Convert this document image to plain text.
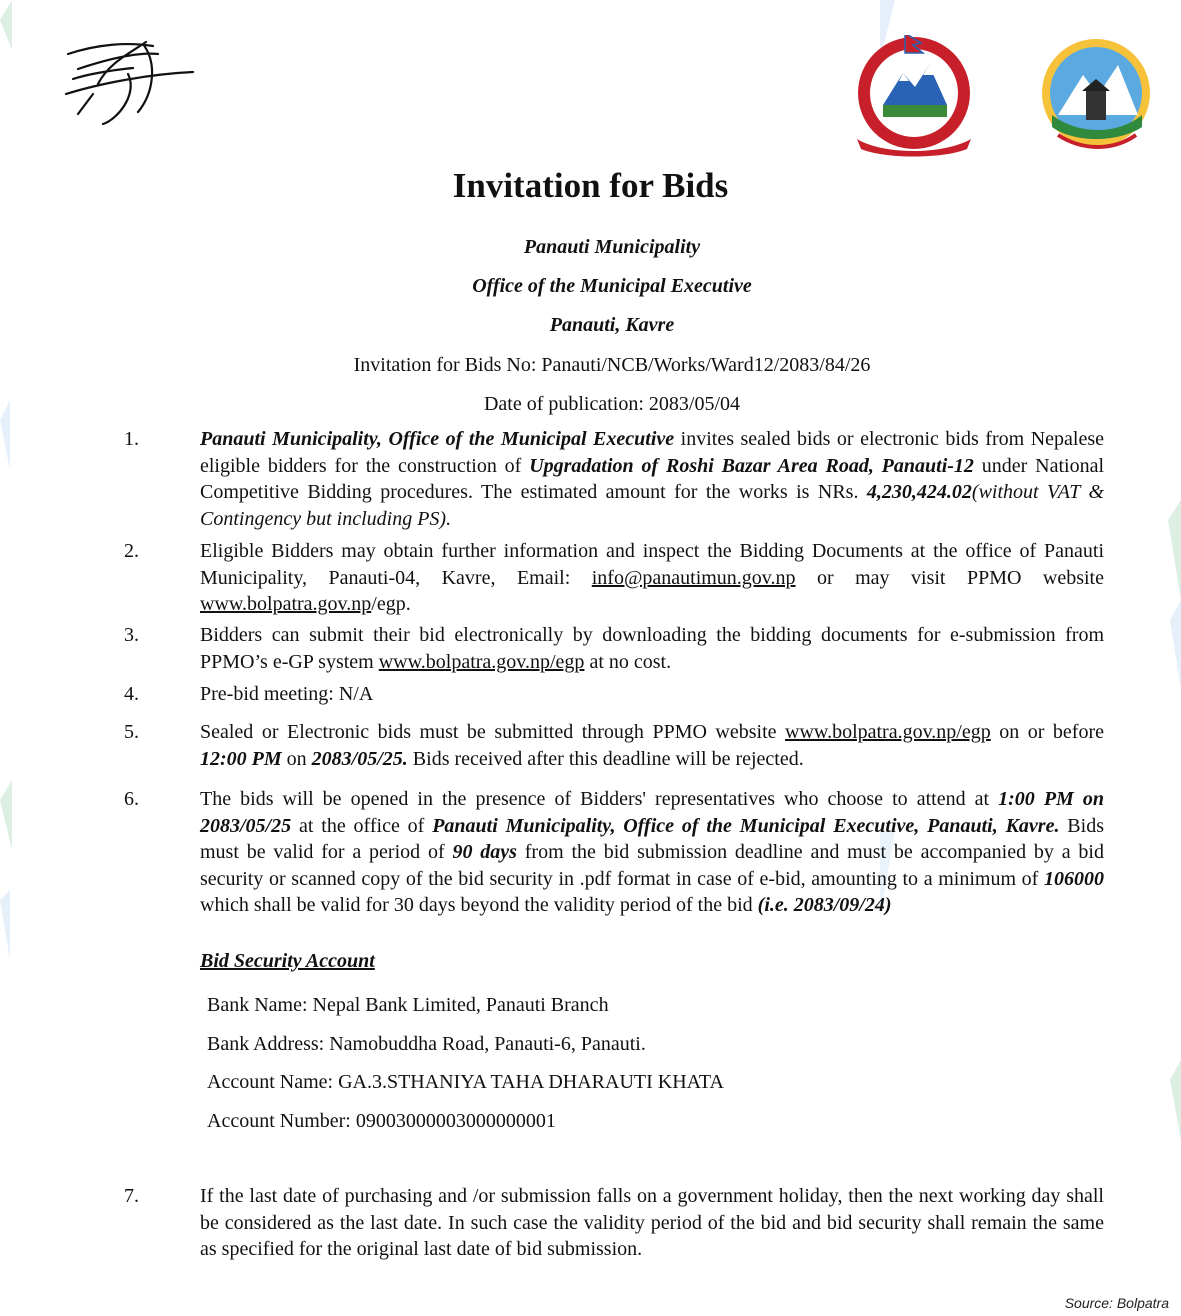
Invitation for Bids
Panauti Municipality
Office of the Municipal Executive
Panauti, Kavre
Invitation for Bids No: Panauti/NCB/Works/Ward12/2083/84/26
Date of publication: 2083/05/04
1.	Panauti Municipality, Office of the Municipal Executive invites sealed bids or electronic bids from Nepalese eligible bidders for the construction of Upgradation of Roshi Bazar Area Road, Panauti-12 under National Competitive Bidding procedures. The estimated amount for the works is NRs. 4,230,424.02(without VAT & Contingency but including PS).
2.	Eligible Bidders may obtain further information and inspect the Bidding Documents at the office of Panauti Municipality, Panauti-04, Kavre, Email: info@panautimun.gov.np or may visit PPMO website www.bolpatra.gov.np/egp.
3.	Bidders can submit their bid electronically by downloading the bidding documents for e-submission from PPMO’s e-GP system www.bolpatra.gov.np/egp at no cost.
4.	Pre-bid meeting: N/A
5.	Sealed or Electronic bids must be submitted through PPMO website www.bolpatra.gov.np/egp on or before 12:00 PM on 2083/05/25. Bids received after this deadline will be rejected.
6.	The bids will be opened in the presence of Bidders' representatives who choose to attend at 1:00 PM on 2083/05/25 at the office of Panauti Municipality, Office of the Municipal Executive, Panauti, Kavre. Bids must be valid for a period of 90 days from the bid submission deadline and must be accompanied by a bid security or scanned copy of the bid security in .pdf format in case of e-bid, amounting to a minimum of 106000 which shall be valid for 30 days beyond the validity period of the bid (i.e. 2083/09/24)
Bid Security Account
Bank Name: Nepal Bank Limited, Panauti Branch
Bank Address: Namobuddha Road, Panauti-6, Panauti.
Account Name: GA.3.STHANIYA TAHA DHARAUTI KHATA
Account Number: 09003000003000000001
7.	If the last date of purchasing and /or submission falls on a government holiday, then the next working day shall be considered as the last date. In such case the validity period of the bid and bid security shall remain the same as specified for the original last date of bid submission.
Source: Bolpatra
